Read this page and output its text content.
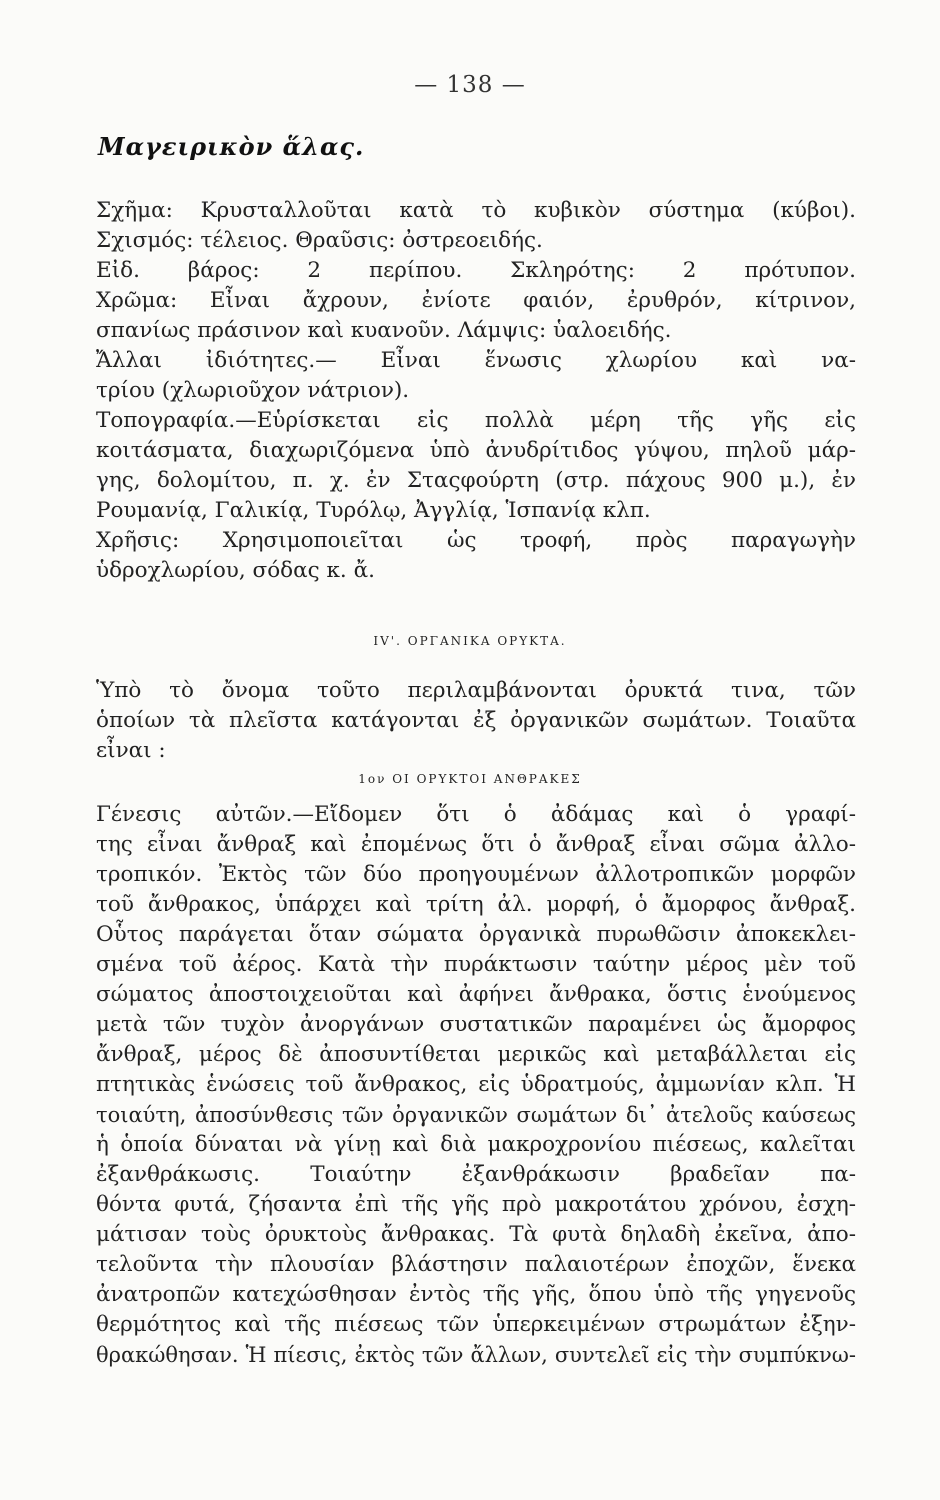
— 138 —
Μαγειρικὸν ἅλας.
Σχῆμα: Κρυσταλλοῦται κατὰ τὸ κυβικὸν σύστημα (κύβοι).
Σχισμός: τέλειος. Θραῦσις: ὀστρεοειδής.
Εἰδ. βάρος: 2 περίπου. Σκληρότης: 2 πρότυπον.
Χρῶμα: Εἶναι ἄχρουν, ἐνίοτε φαιόν, ἐρυθρόν, κίτρινον,
σπανίως πράσινον καὶ κυανοῦν. Λάμψις: ὑαλοειδής.
Ἄλλαι ἰδιότητες.— Εἶναι ἕνωσις χλωρίου καὶ να-
τρίου (χλωριοῦχον νάτριον).
Τοπογραφία.—Εὑρίσκεται εἰς πολλὰ μέρη τῆς γῆς εἰς
κοιτάσματα, διαχωριζόμενα ὑπὸ ἀνυδρίτιδος γύψου, πηλοῦ μάρ-
γης, δολομίτου, π. χ. ἐν Σταςφούρτη (στρ. πάχους 900 μ.), ἐν
Ρουμανίᾳ, Γαλικίᾳ, Τυρόλῳ, Ἀγγλίᾳ, Ἱσπανίᾳ κλπ.
Χρῆσις: Χρησιμοποιεῖται ὡς τροφή, πρὸς παραγωγὴν
ὑδροχλωρίου, σόδας κ. ἄ.
IV'. ΟΡΓΑΝΙΚΑ ΟΡΥΚΤΑ.
Ὑπὸ τὸ ὄνομα τοῦτο περιλαμβάνονται ὀρυκτά τινα, τῶν
ὁποίων τὰ πλεῖστα κατάγονται ἐξ ὀργανικῶν σωμάτων. Τοιαῦτα
εἶναι :
1ον ΟΙ ΟΡΥΚΤΟΙ ΑΝΘΡΑΚΕΣ
Γένεσις αὐτῶν.—Εἴδομεν ὅτι ὁ ἀδάμας καὶ ὁ γραφί-
της εἶναι ἄνθραξ καὶ ἐπομένως ὅτι ὁ ἄνθραξ εἶναι σῶμα ἀλλο-
τροπικόν. Ἐκτὸς τῶν δύο προηγουμένων ἀλλοτροπικῶν μορφῶν
τοῦ ἄνθρακος, ὑπάρχει καὶ τρίτη ἀλ. μορφή, ὁ ἄμορφος ἄνθραξ.
Οὗτος παράγεται ὅταν σώματα ὀργανικὰ πυρωθῶσιν ἀποκεκλει-
σμένα τοῦ ἀέρος. Κατὰ τὴν πυράκτωσιν ταύτην μέρος μὲν τοῦ
σώματος ἀποστοιχειοῦται καὶ ἀφήνει ἄνθρακα, ὅστις ἑνούμενος
μετὰ τῶν τυχὸν ἀνοργάνων συστατικῶν παραμένει ὡς ἄμορφος
ἄνθραξ, μέρος δὲ ἀποσυντίθεται μερικῶς καὶ μεταβάλλεται εἰς
πτητικὰς ἑνώσεις τοῦ ἄνθρακος, εἰς ὑδρατμούς, ἀμμωνίαν κλπ. Ἡ
τοιαύτη, ἀποσύνθεσις τῶν ὀργανικῶν σωμάτων δι᾽ ἀτελοῦς καύσεως
ἡ ὁποία δύναται νὰ γίνῃ καὶ διὰ μακροχρονίου πιέσεως, καλεῖται
ἐξανθράκωσις. Τοιαύτην ἐξανθράκωσιν βραδεῖαν πα-
θόντα φυτά, ζήσαντα ἐπὶ τῆς γῆς πρὸ μακροτάτου χρόνου, ἐσχη-
μάτισαν τοὺς ὀρυκτοὺς ἄνθρακας. Τὰ φυτὰ δηλαδὴ ἐκεῖνα, ἀπο-
τελοῦντα τὴν πλουσίαν βλάστησιν παλαιοτέρων ἐποχῶν, ἕνεκα
ἀνατροπῶν κατεχώσθησαν ἐντὸς τῆς γῆς, ὅπου ὑπὸ τῆς γηγενοῦς
θερμότητος καὶ τῆς πιέσεως τῶν ὑπερκειμένων στρωμάτων ἐξην-
θρακώθησαν. Ἡ πίεσις, ἐκτὸς τῶν ἄλλων, συντελεῖ εἰς τὴν συμπύκνω-
